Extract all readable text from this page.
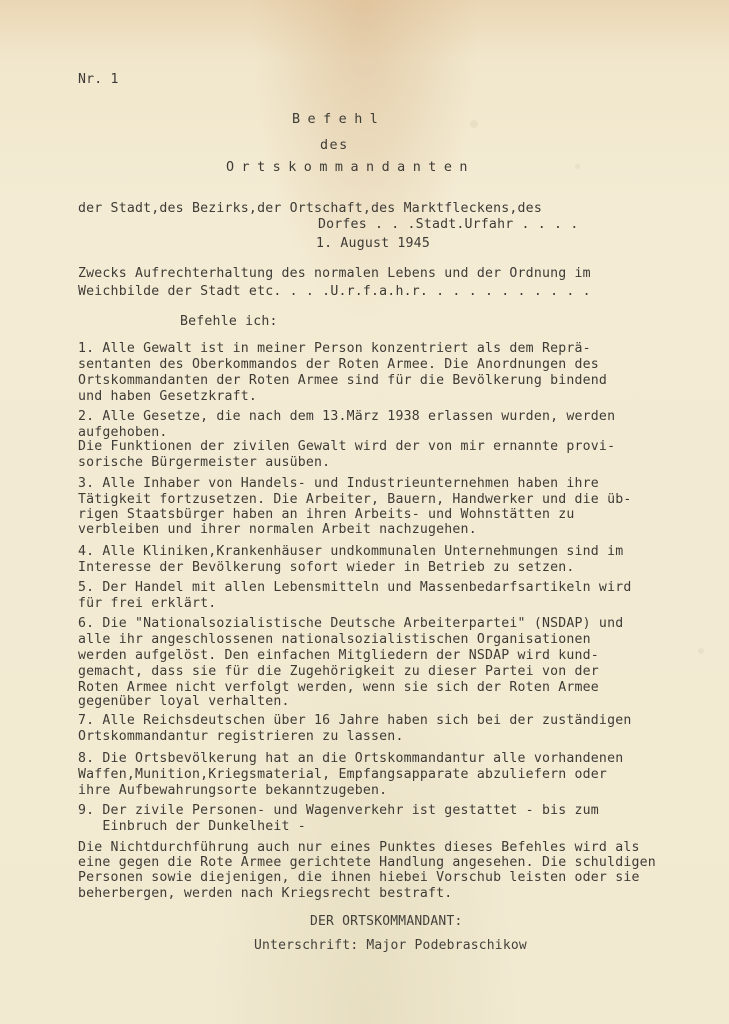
Nr. 1
Befehl
des
Ortskommandanten
der Stadt,des Bezirks,der Ortschaft,des Marktfleckens,des
Dorfes . . .Stadt.Urfahr . . . .
1. August 1945
Zwecks Aufrechterhaltung des normalen Lebens und der Ordnung im
Weichbilde der Stadt etc. . . .U.r.f.a.h.r. . . . . . . . . . .
Befehle ich:
1. Alle Gewalt ist in meiner Person konzentriert als dem Reprä-
sentanten des Oberkommandos der Roten Armee. Die Anordnungen des
Ortskommandanten der Roten Armee sind für die Bevölkerung bindend
und haben Gesetzkraft.
2. Alle Gesetze, die nach dem 13.März 1938 erlassen wurden, werden
aufgehoben.
Die Funktionen der zivilen Gewalt wird der von mir ernannte provi-
sorische Bürgermeister ausüben.
3. Alle Inhaber von Handels- und Industrieunternehmen haben ihre
Tätigkeit fortzusetzen. Die Arbeiter, Bauern, Handwerker und die üb-
rigen Staatsbürger haben an ihren Arbeits- und Wohnstätten zu
verbleiben und ihrer normalen Arbeit nachzugehen.
4. Alle Kliniken,Krankenhäuser undkommunalen Unternehmungen sind im
Interesse der Bevölkerung sofort wieder in Betrieb zu setzen.
5. Der Handel mit allen Lebensmitteln und Massenbedarfsartikeln wird
für frei erklärt.
6. Die "Nationalsozialistische Deutsche Arbeiterpartei" (NSDAP) und
alle ihr angeschlossenen nationalsozialistischen Organisationen
werden aufgelöst. Den einfachen Mitgliedern der NSDAP wird kund-
gemacht, dass sie für die Zugehörigkeit zu dieser Partei von der
Roten Armee nicht verfolgt werden, wenn sie sich der Roten Armee
gegenüber loyal verhalten.
7. Alle Reichsdeutschen über 16 Jahre haben sich bei der zuständigen
Ortskommandantur registrieren zu lassen.
8. Die Ortsbevölkerung hat an die Ortskommandantur alle vorhandenen
Waffen,Munition,Kriegsmaterial, Empfangsapparate abzuliefern oder
ihre Aufbewahrungsorte bekanntzugeben.
9. Der zivile Personen- und Wagenverkehr ist gestattet - bis zum
Einbruch der Dunkelheit -
Die Nichtdurchführung auch nur eines Punktes dieses Befehles wird als
eine gegen die Rote Armee gerichtete Handlung angesehen. Die schuldigen
Personen sowie diejenigen, die ihnen hiebei Vorschub leisten oder sie
beherbergen, werden nach Kriegsrecht bestraft.
DER ORTSKOMMANDANT:
Unterschrift: Major Podebraschikow
